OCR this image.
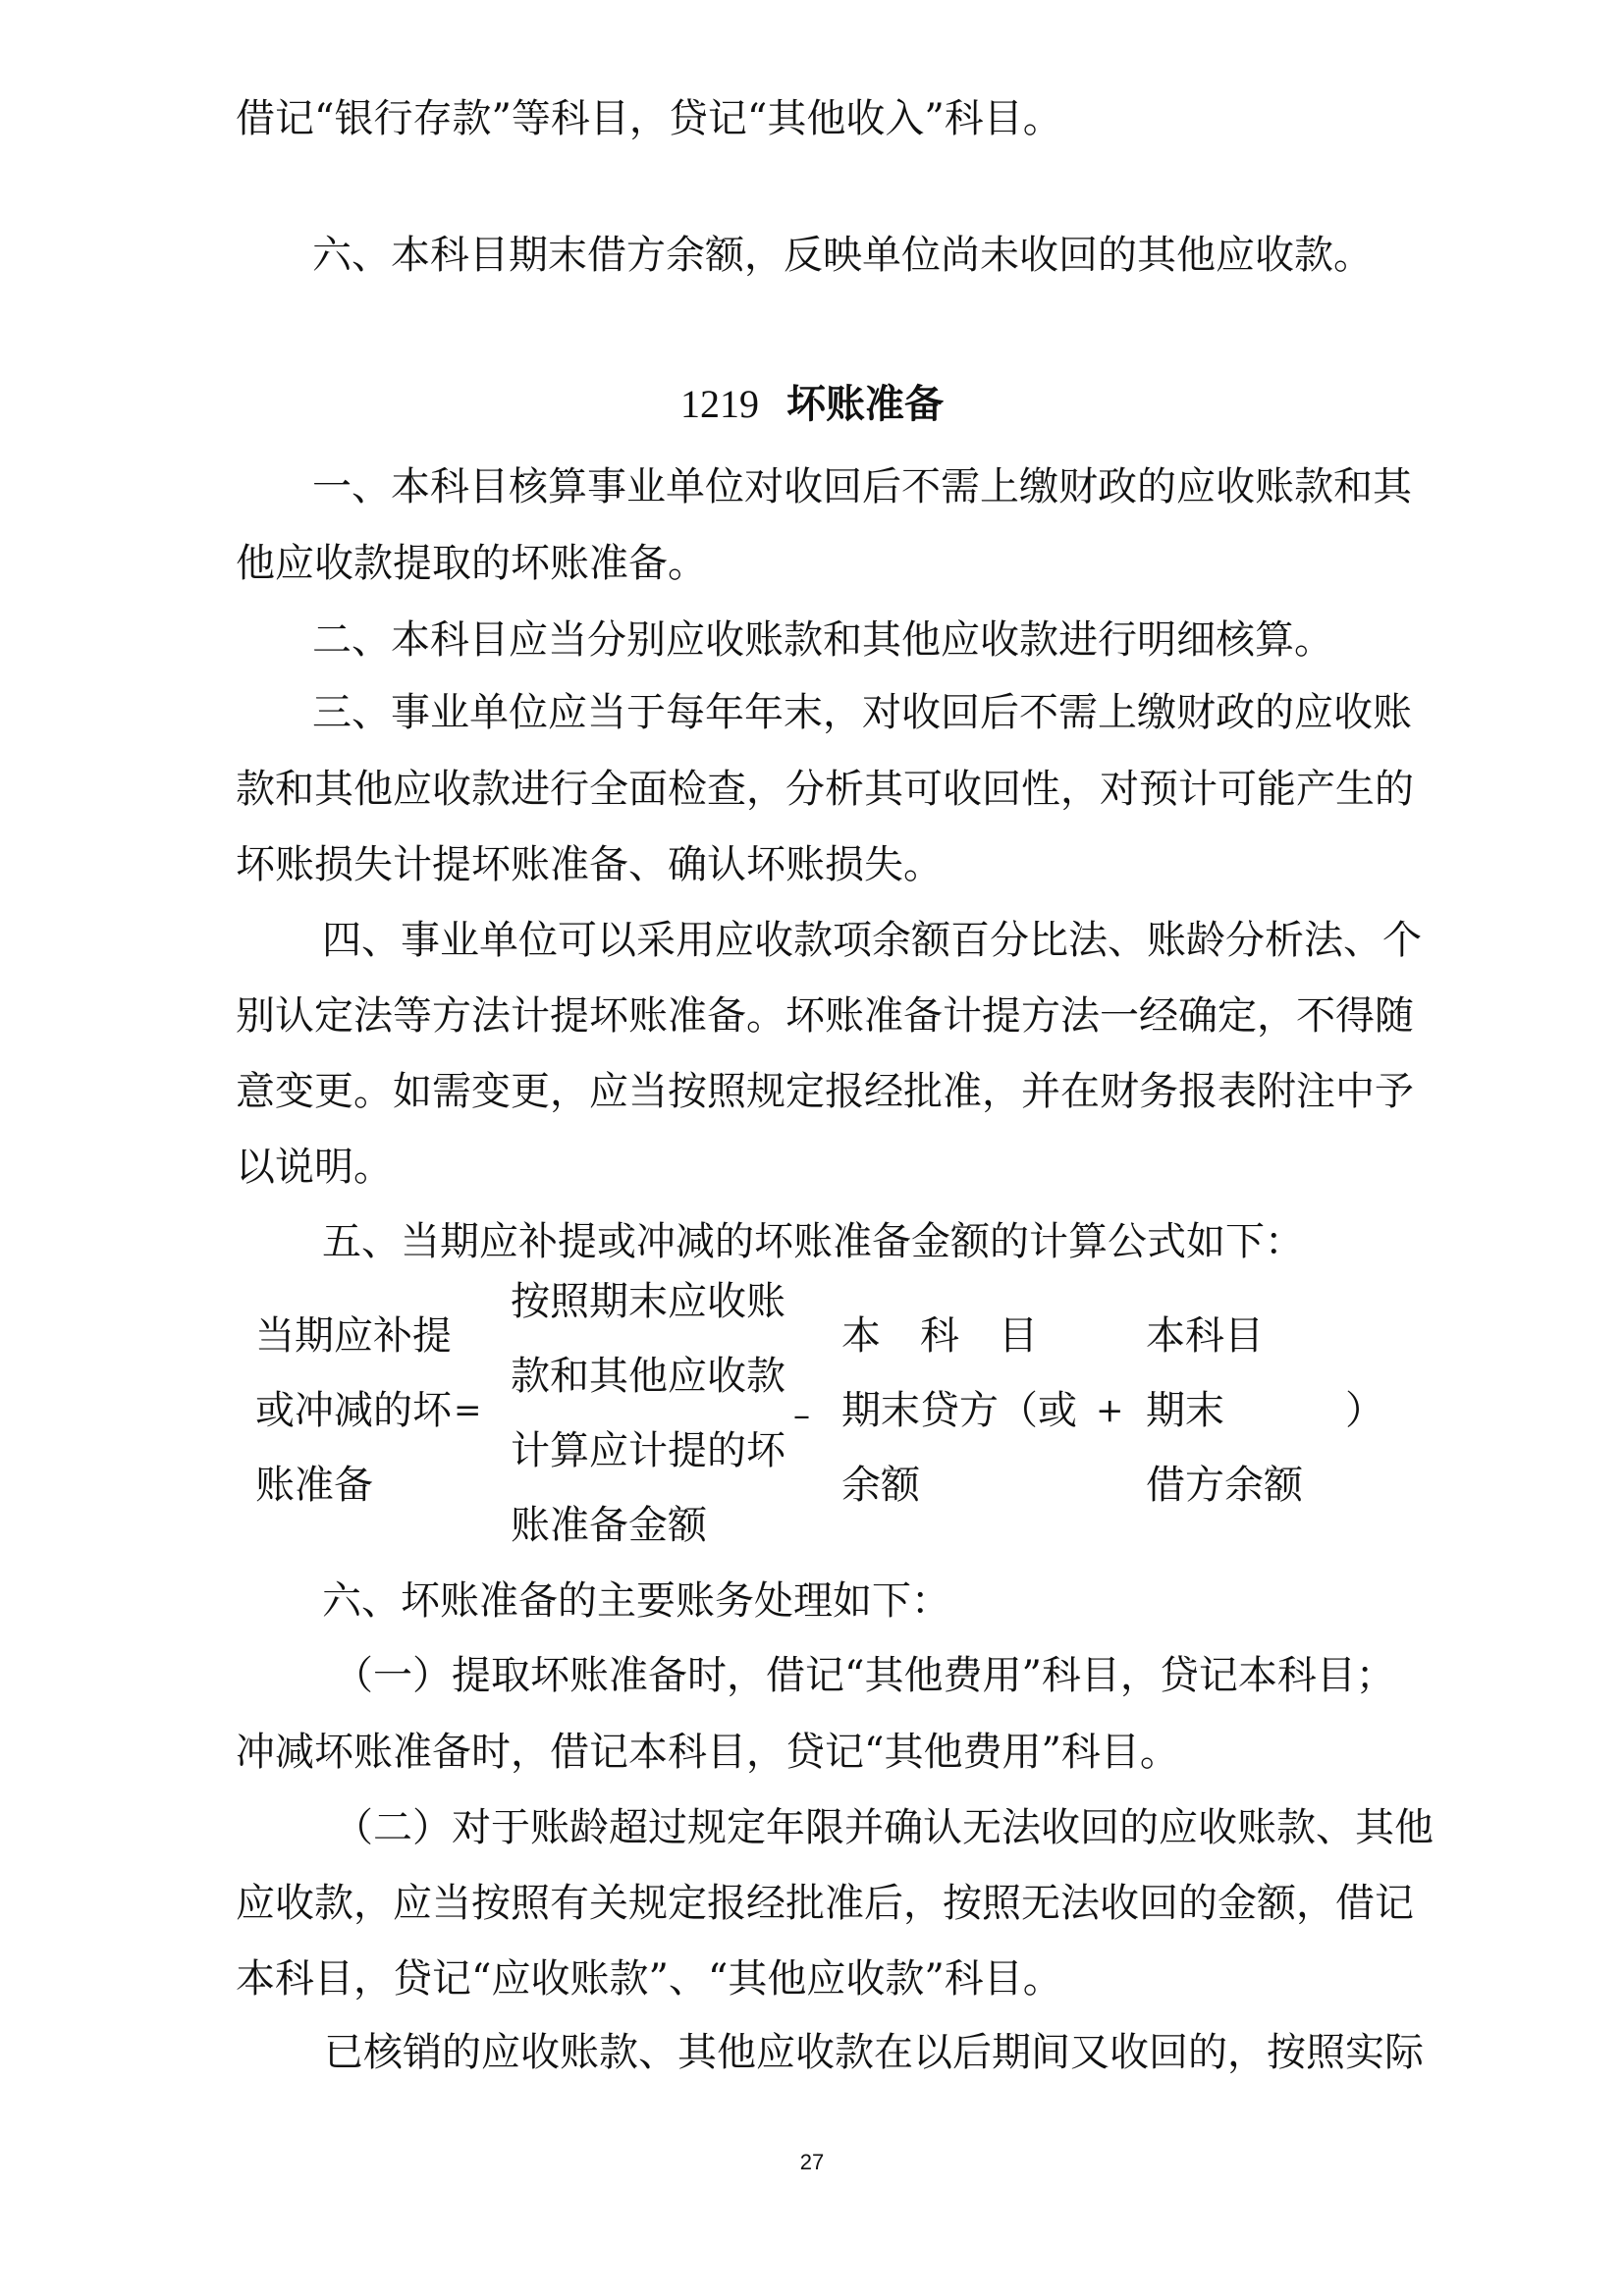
借记“银行存款”等科目，贷记“其他收入”科目。
六、本科目期末借方余额，反映单位尚未收回的其他应收款。
1219 坏账准备
一、本科目核算事业单位对收回后不需上缴财政的应收账款和其
他应收款提取的坏账准备。
二、本科目应当分别应收账款和其他应收款进行明细核算。
三、事业单位应当于每年年末，对收回后不需上缴财政的应收账
款和其他应收款进行全面检查，分析其可收回性，对预计可能产生的
坏账损失计提坏账准备、确认坏账损失。
四、事业单位可以采用应收款项余额百分比法、账龄分析法、个
别认定法等方法计提坏账准备。坏账准备计提方法一经确定，不得随
意变更。如需变更，应当按照规定报经批准，并在财务报表附注中予
以说明。
五、当期应补提或冲减的坏账准备金额的计算公式如下：
当期应补提
或冲减的坏
账准备
=
按照期末应收账
款和其他应收款
计算应计提的坏
账准备金额
–
本　科　目
期末贷方（或
余额
+
本科目
期末
借方余额
）
六、坏账准备的主要账务处理如下：
（一）提取坏账准备时，借记“其他费用”科目，贷记本科目；
冲减坏账准备时，借记本科目，贷记“其他费用”科目。
（二）对于账龄超过规定年限并确认无法收回的应收账款、其他
应收款，应当按照有关规定报经批准后，按照无法收回的金额，借记
本科目，贷记“应收账款”、“其他应收款”科目。
已核销的应收账款、其他应收款在以后期间又收回的，按照实际
27
